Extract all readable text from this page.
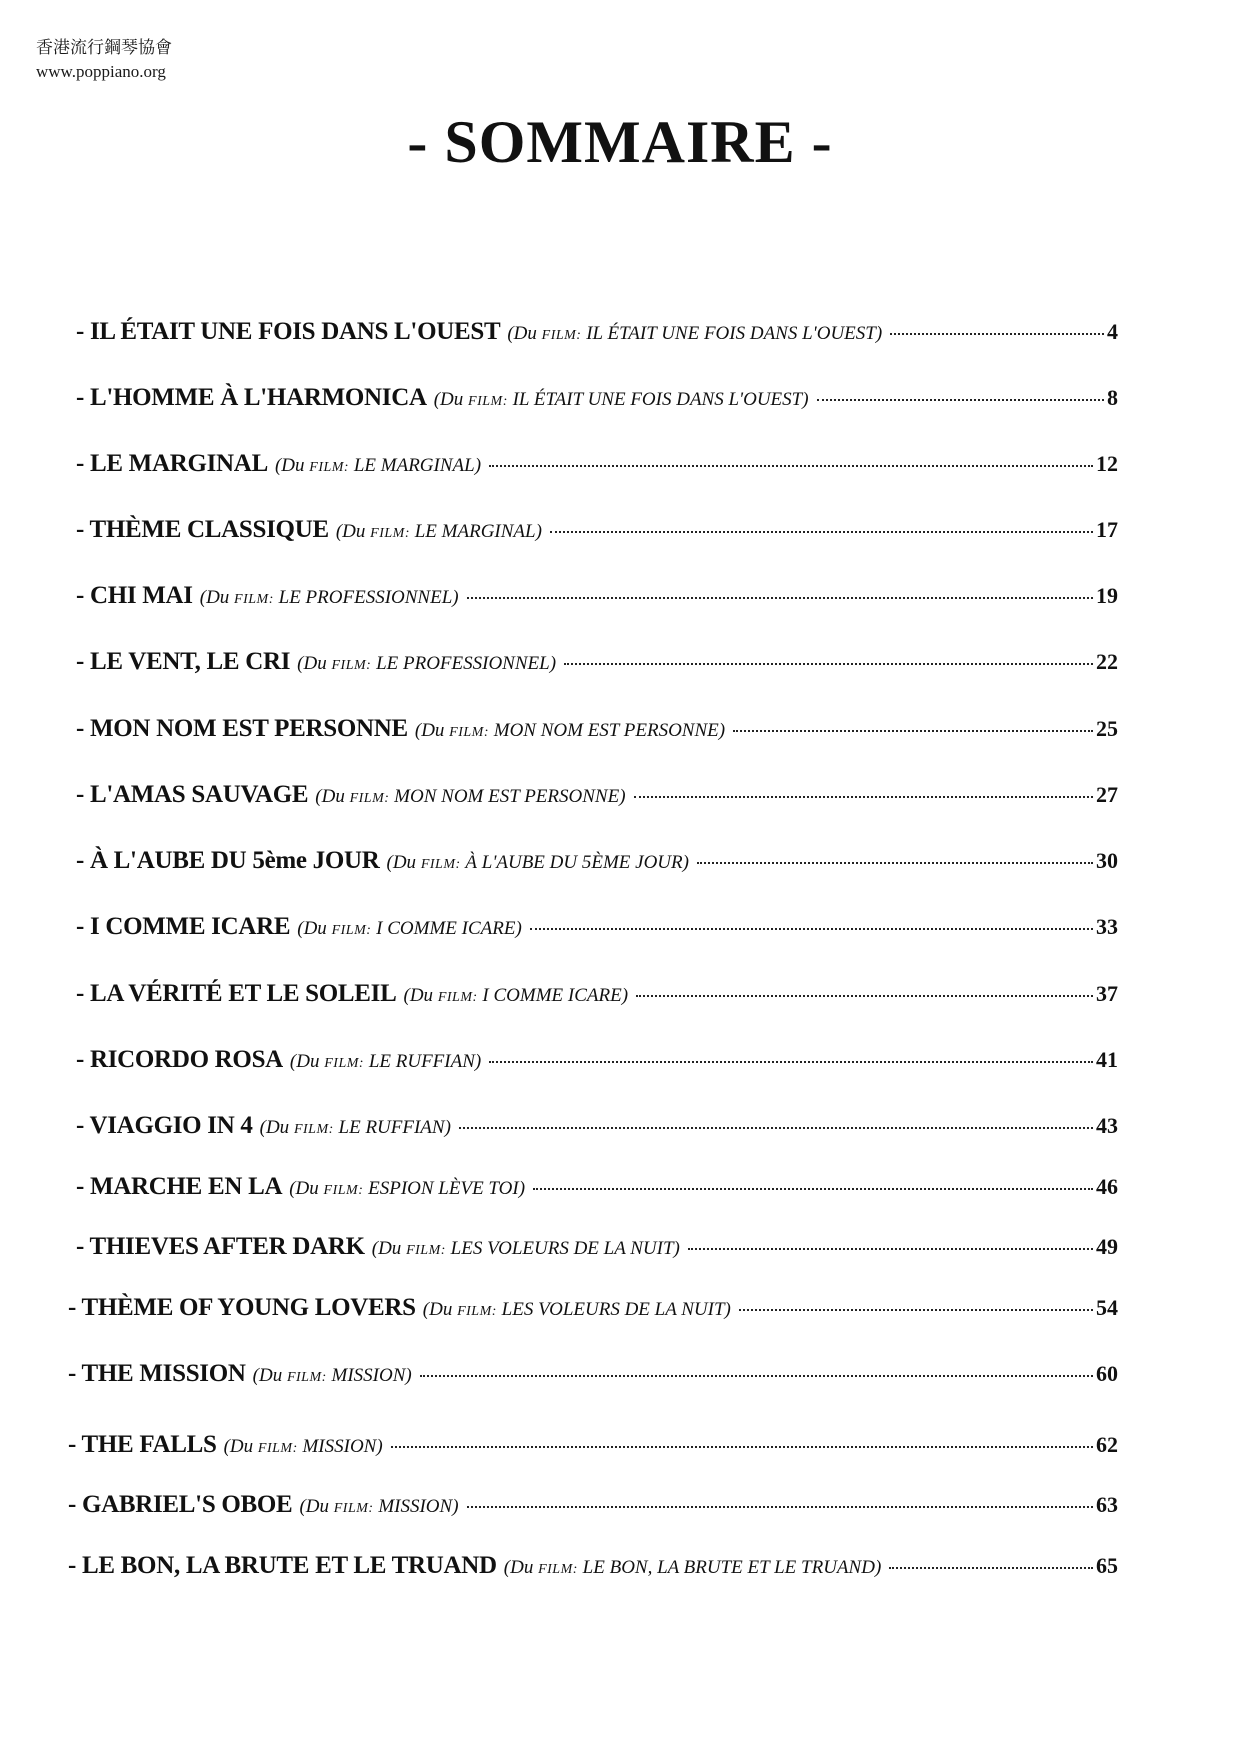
香港流行鋼琴協會
www.poppiano.org
- SOMMAIRE -
- IL ÉTAIT UNE FOIS DANS L'OUEST (Du FILM: IL ÉTAIT UNE FOIS DANS L'OUEST)	4
- L'HOMME À L'HARMONICA (Du FILM: IL ÉTAIT UNE FOIS DANS L'OUEST)	8
- LE MARGINAL (Du FILM: LE MARGINAL)	12
- THÈME CLASSIQUE (Du FILM: LE MARGINAL)	17
- CHI MAI (Du FILM: LE PROFESSIONNEL)	19
- LE VENT, LE CRI (Du FILM: LE PROFESSIONNEL)	22
- MON NOM EST PERSONNE (Du FILM: MON NOM EST PERSONNE)	25
- L'AMAS SAUVAGE (Du FILM: MON NOM EST PERSONNE)	27
- À L'AUBE DU 5ème JOUR (Du FILM: À L'AUBE DU 5ÈME JOUR)	30
- I COMME ICARE (Du FILM: I COMME ICARE)	33
- LA VÉRITÉ ET LE SOLEIL (Du FILM: I COMME ICARE)	37
- RICORDO ROSA (Du FILM: LE RUFFIAN)	41
- VIAGGIO IN 4 (Du FILM: LE RUFFIAN)	43
- MARCHE EN LA (Du FILM: ESPION LÈVE TOI)	46
- THIEVES AFTER DARK (Du FILM: LES VOLEURS DE LA NUIT)	49
- THÈME OF YOUNG LOVERS (Du FILM: LES VOLEURS DE LA NUIT)	54
- THE MISSION (Du FILM: MISSION)	60
- THE FALLS (Du FILM: MISSION)	62
- GABRIEL'S OBOE (Du FILM: MISSION)	63
- LE BON, LA BRUTE ET LE TRUAND (Du FILM: LE BON, LA BRUTE ET LE TRUAND)	65
